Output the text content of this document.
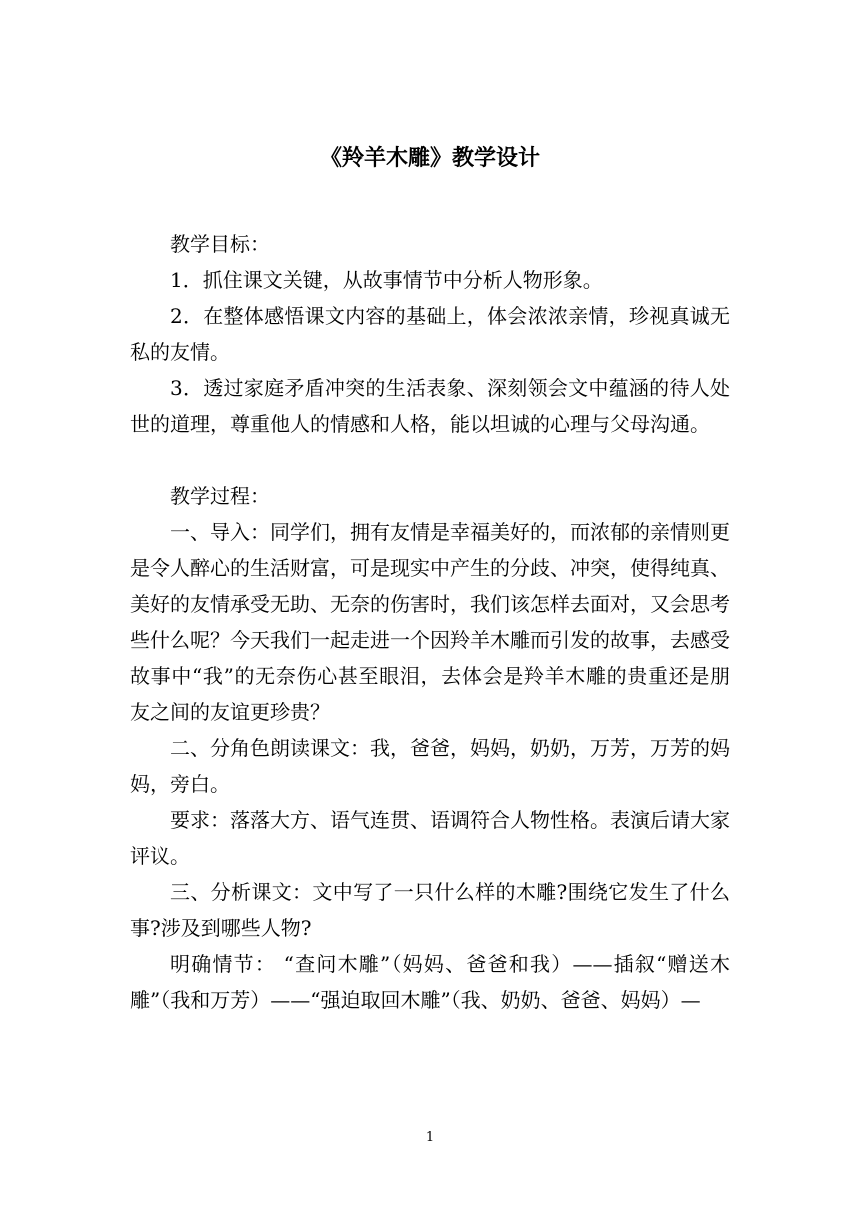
《羚羊木雕》教学设计

教学目标：

1．抓住课文关键，从故事情节中分析人物形象。

2．在整体感悟课文内容的基础上，体会浓浓亲情，珍视真诚无私的友情。

3．透过家庭矛盾冲突的生活表象、深刻领会文中蕴涵的待人处世的道理，尊重他人的情感和人格，能以坦诚的心理与父母沟通。

教学过程：

一、导入：同学们，拥有友情是幸福美好的，而浓郁的亲情则更是令人醉心的生活财富，可是现实中产生的分歧、冲突，使得纯真、美好的友情承受无助、无奈的伤害时，我们该怎样去面对，又会思考些什么呢？今天我们一起走进一个因羚羊木雕而引发的故事，去感受故事中“我”的无奈伤心甚至眼泪，去体会是羚羊木雕的贵重还是朋友之间的友谊更珍贵？

二、分角色朗读课文：我，爸爸，妈妈，奶奶，万芳，万芳的妈妈，旁白。

要求：落落大方、语气连贯、语调符合人物性格。表演后请大家评议。

三、分析课文：文中写了一只什么样的木雕?围绕它发生了什么事?涉及到哪些人物?

明确情节： “查问木雕”（妈妈、爸爸和我）——插叙“赠送木雕”（我和万芳）——“强迫取回木雕”（我、奶奶、爸爸、妈妈）—

1
